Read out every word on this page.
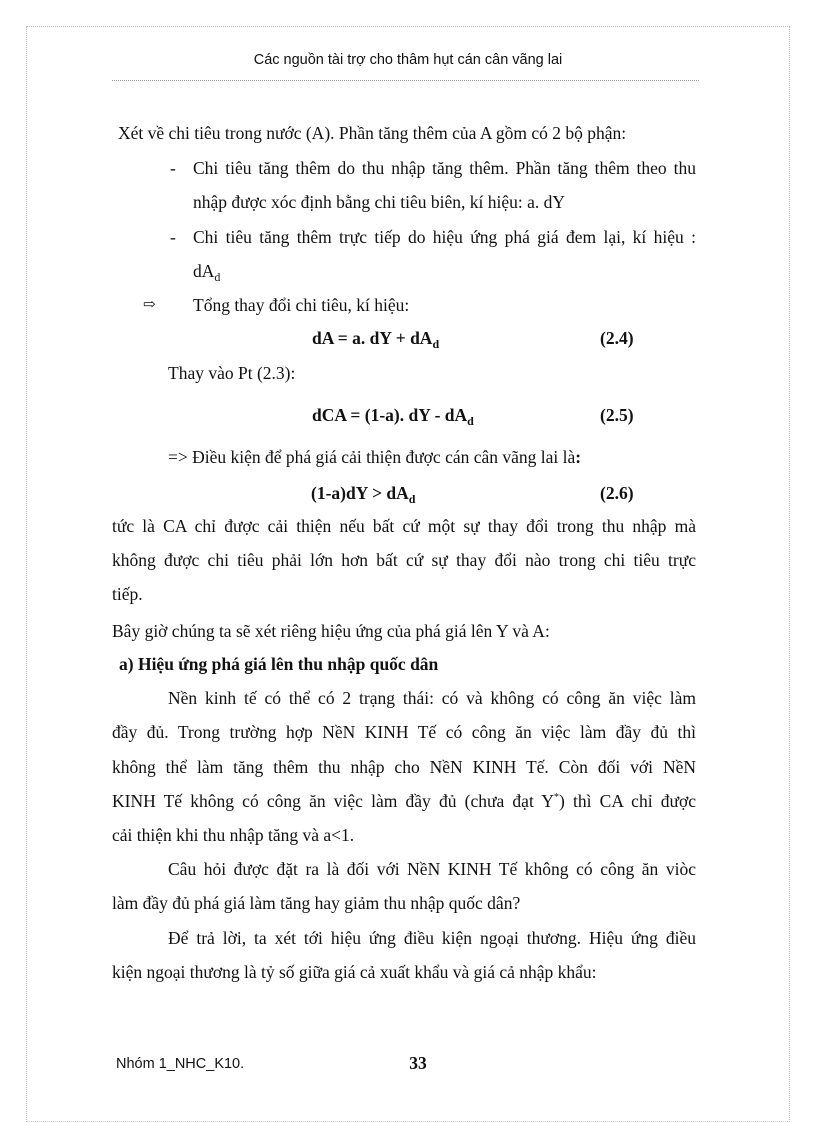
Các nguồn tài trợ cho thâm hụt cán cân vãng lai
Xét về chi tiêu trong nước (A). Phần tăng thêm của A gồm có 2 bộ phận:
- Chi tiêu tăng thêm do thu nhập tăng thêm. Phần tăng thêm theo thu
nhập được xóc định bằng chi tiêu biên, kí hiệu: a. dY
- Chi tiêu tăng thêm trực tiếp do hiệu ứng phá giá đem lại, kí hiệu :
$dA_d$
⇨ Tổng thay đổi chi tiêu, kí hiệu:
dA = a. dY + $dA_d$	(2.4)
Thay vào Pt (2.3):
dCA = (1-a). dY - $dA_d$	(2.5)
=> Điều kiện để phá giá cải thiện được cán cân vãng lai là:
$(1-a)dY > dA_d$	(2.6)
tức là CA chỉ được cải thiện nếu bất cứ một sự thay đổi trong thu nhập mà
không được chi tiêu phải lớn hơn bất cứ sự thay đổi nào trong chi tiêu trực
tiếp.
Bây giờ chúng ta sẽ xét riêng hiệu ứng của phá giá lên Y và A:
a) Hiệu ứng phá giá lên thu nhập quốc dân
Nền kinh tế có thể có 2 trạng thái: có và không có công ăn việc làm
đầy đủ. Trong trường hợp NềN KINH Tế có công ăn việc làm đầy đủ thì
không thể làm tăng thêm thu nhập cho NềN KINH Tế. Còn đối với NềN
KINH Tế không có công ăn việc làm đầy đủ (chưa đạt Y*) thì CA chỉ được
cải thiện khi thu nhập tăng và a<1.
Câu hỏi được đặt ra là đối với NềN KINH Tế không có công ăn viòc
làm đầy đủ phá giá làm tăng hay giảm thu nhập quốc dân?
Để trả lời, ta xét tới hiệu ứng điều kiện ngoại thương. Hiệu ứng điều
kiện ngoại thương là tỷ số giữa giá cả xuất khẩu và giá cả nhập khẩu:
Nhóm 1_NHC_K10.	33
